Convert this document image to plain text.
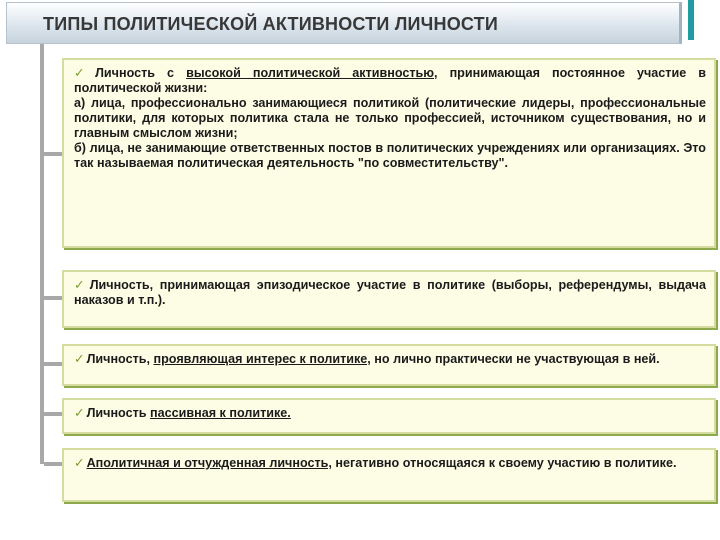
ТИПЫ ПОЛИТИЧЕСКОЙ АКТИВНОСТИ ЛИЧНОСТИ
✓ Личность с высокой политической активностью, принимающая постоянное участие в политической жизни:
а) лица, профессионально занимающиеся политикой (политические лидеры, профессиональные политики, для которых политика стала не только профессией, источником существования, но и главным смыслом жизни;
б) лица, не занимающие ответственных постов в политических учреждениях или организациях. Это так называемая политическая деятельность "по совместительству".
✓ Личность, принимающая эпизодическое участие в политике (выборы, референдумы, выдача наказов и т.п.).
✓ Личность, проявляющая интерес к политике, но лично практически не участвующая в ней.
✓ Личность пассивная к политике.
✓ Аполитичная и отчужденная личность, негативно относящаяся к своему участию в политике.
